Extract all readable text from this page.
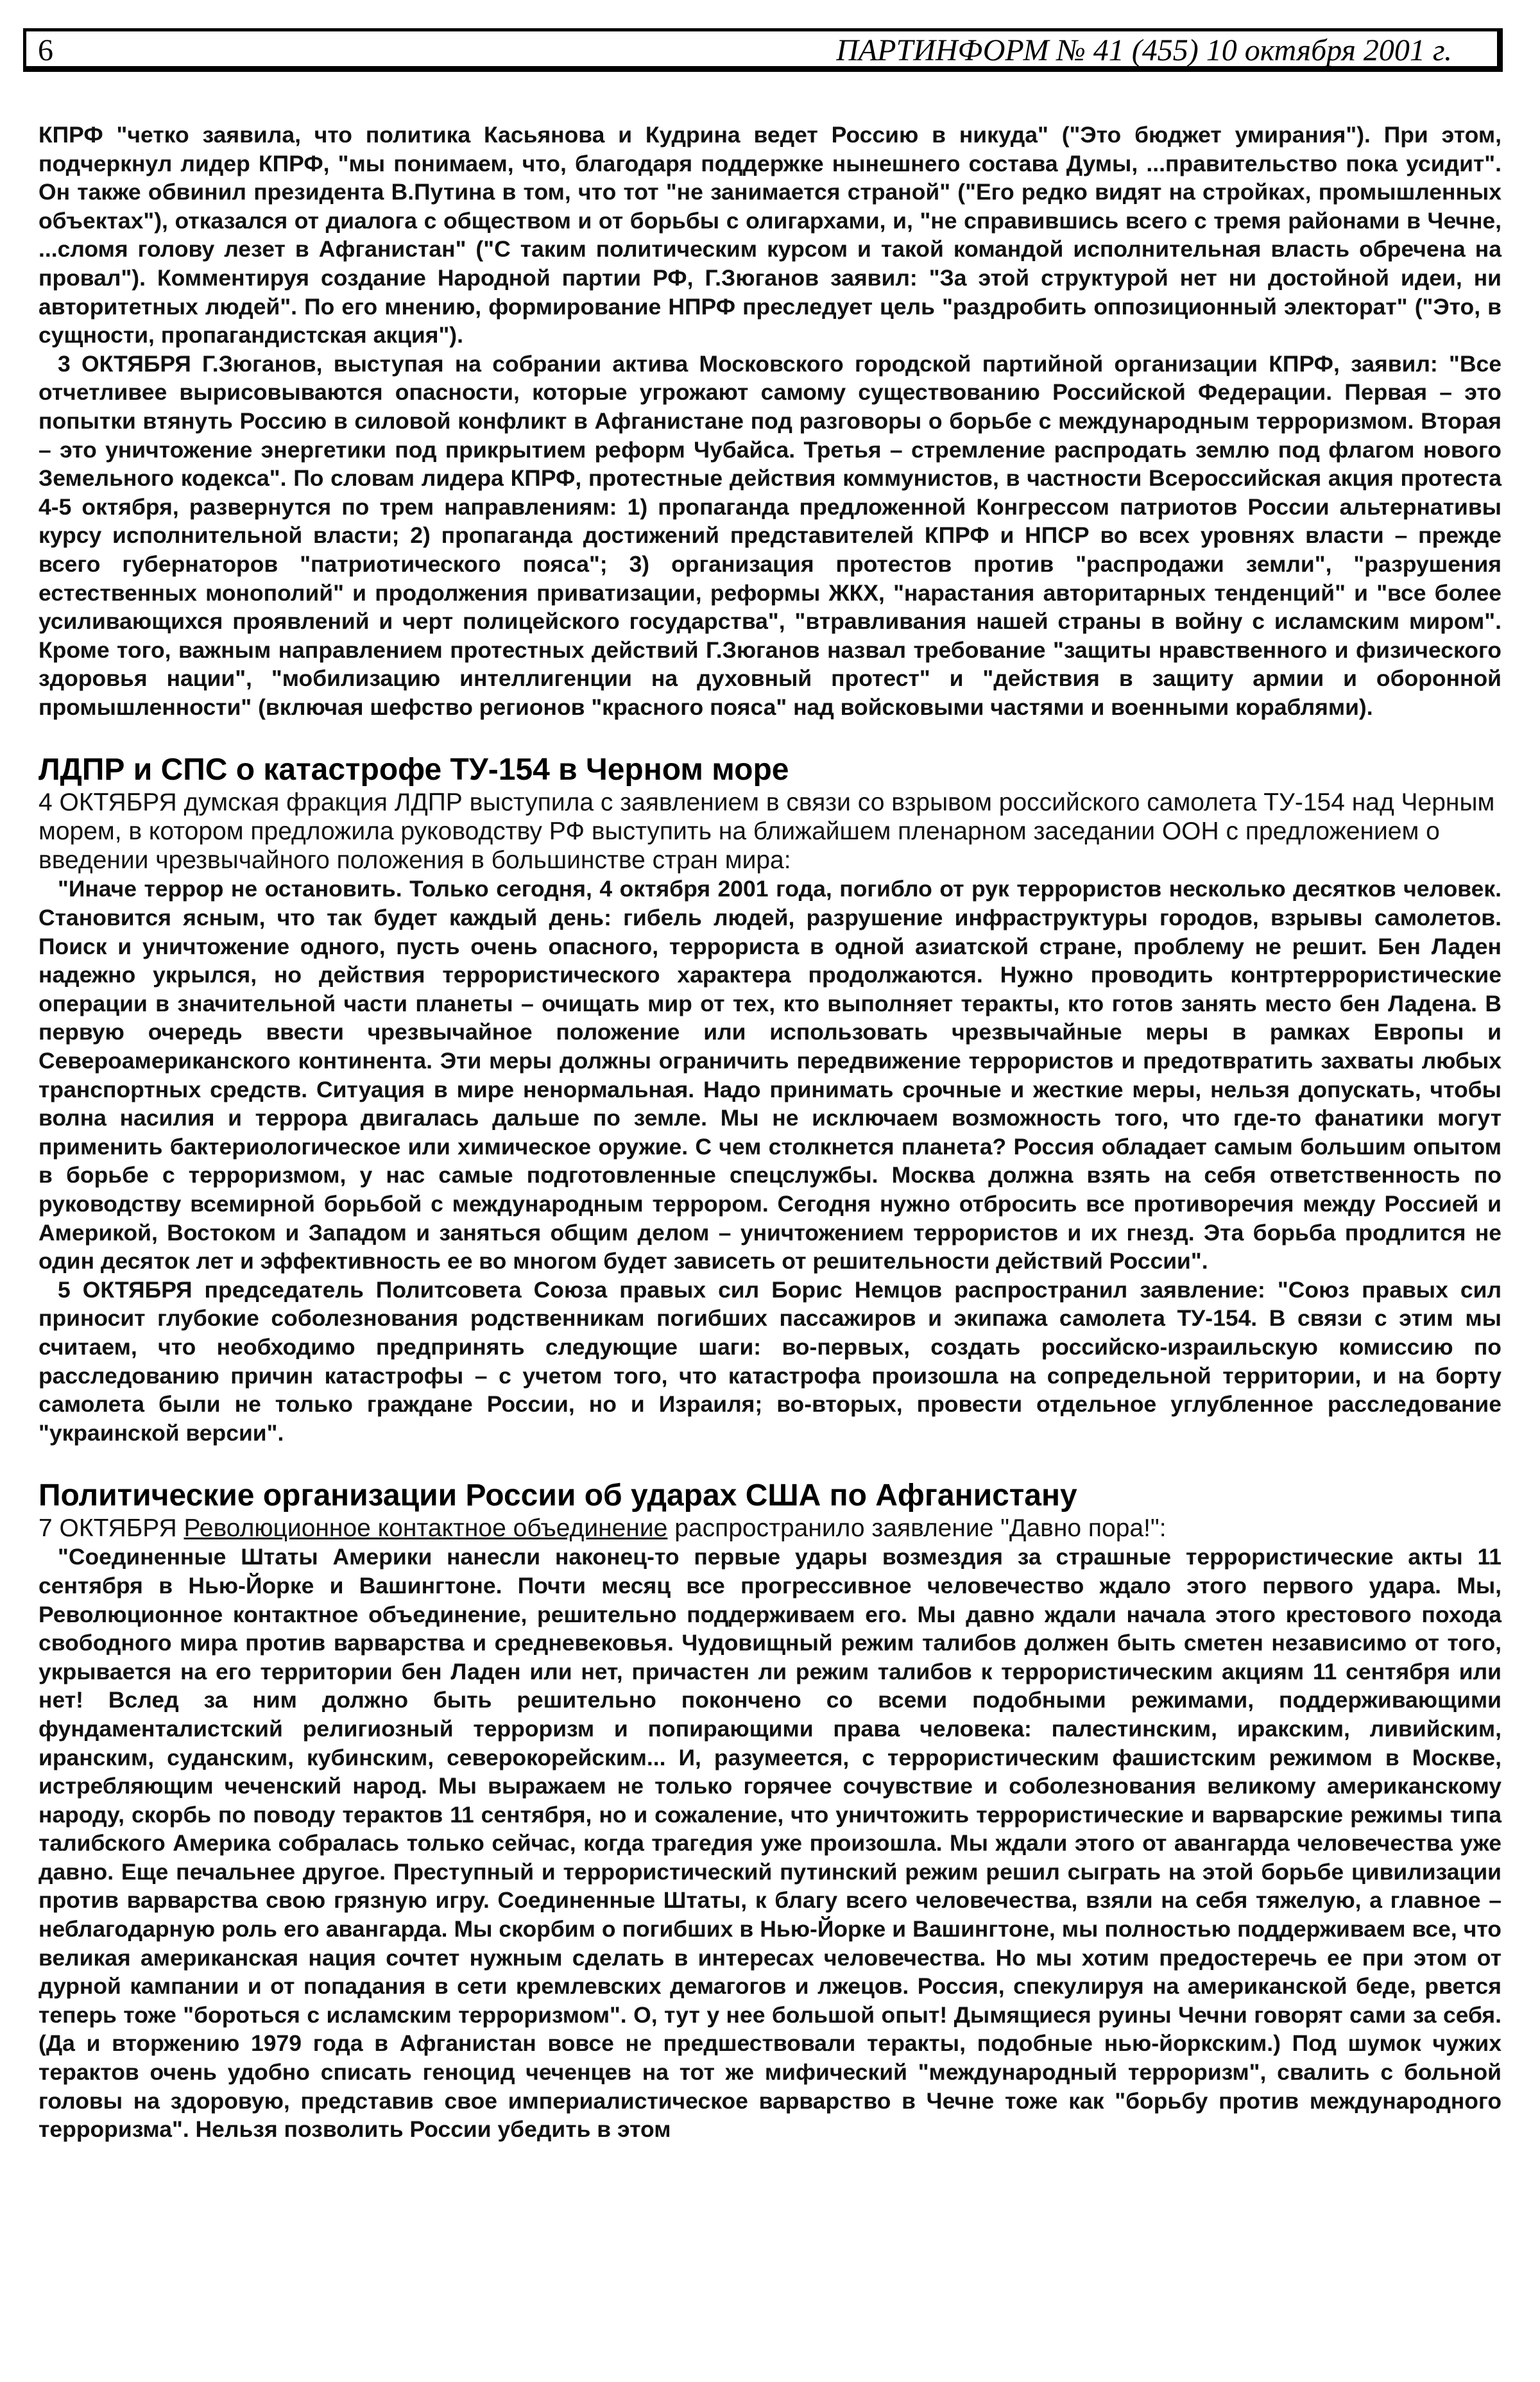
6	ПАРТИНФОРМ № 41 (455) 10 октября 2001 г.

КПРФ "четко заявила, что политика Касьянова и Кудрина ведет Россию в никуда" ("Это бюджет умирания"). При этом, подчеркнул лидер КПРФ, "мы понимаем, что, благодаря поддержке нынешнего состава Думы, ...правительство пока усидит". Он также обвинил президента В.Путина в том, что тот "не занимается страной" ("Его редко видят на стройках, промышленных объектах"), отказался от диалога с обществом и от борьбы с олигархами, и, "не справившись всего с тремя районами в Чечне, ...сломя голову лезет в Афганистан" ("С таким политическим курсом и такой командой исполнительная власть обречена на провал"). Комментируя создание Народной партии РФ, Г.Зюганов заявил: "За этой структурой нет ни достойной идеи, ни авторитетных людей". По его мнению, формирование НПРФ преследует цель "раздробить оппозиционный электорат" ("Это, в сущности, пропагандистская акция").

3 ОКТЯБРЯ Г.Зюганов, выступая на собрании актива Московского городской партийной организации КПРФ, заявил: "Все отчетливее вырисовываются опасности, которые угрожают самому существованию Российской Федерации. Первая – это попытки втянуть Россию в силовой конфликт в Афганистане под разговоры о борьбе с международным терроризмом. Вторая – это уничтожение энергетики под прикрытием реформ Чубайса. Третья – стремление распродать землю под флагом нового Земельного кодекса". По словам лидера КПРФ, протестные действия коммунистов, в частности Всероссийская акция протеста 4-5 октября, развернутся по трем направлениям: 1) пропаганда предложенной Конгрессом патриотов России альтернативы курсу исполнительной власти; 2) пропаганда достижений представителей КПРФ и НПСР во всех уровнях власти – прежде всего губернаторов "патриотического пояса"; 3) организация протестов против "распродажи земли", "разрушения естественных монополий" и продолжения приватизации, реформы ЖКХ, "нарастания авторитарных тенденций" и "все более усиливающихся проявлений и черт полицейского государства", "втравливания нашей страны в войну с исламским миром". Кроме того, важным направлением протестных действий Г.Зюганов назвал требование "защиты нравственного и физического здоровья нации", "мобилизацию интеллигенции на духовный протест" и "действия в защиту армии и оборонной промышленности" (включая шефство регионов "красного пояса" над войсковыми частями и военными кораблями).

ЛДПР и СПС о катастрофе ТУ-154 в Черном море

4 ОКТЯБРЯ думская фракция ЛДПР выступила с заявлением в связи со взрывом российского самолета ТУ-154 над Черным морем, в котором предложила руководству РФ выступить на ближайшем пленарном заседании ООН с предложением о введении чрезвычайного положения в большинстве стран мира:

"Иначе террор не остановить. Только сегодня, 4 октября 2001 года, погибло от рук террористов несколько десятков человек. Становится ясным, что так будет каждый день: гибель людей, разрушение инфраструктуры городов, взрывы самолетов. Поиск и уничтожение одного, пусть очень опасного, террориста в одной азиатской стране, проблему не решит. Бен Ладен надежно укрылся, но действия террористического характера продолжаются. Нужно проводить контртеррористические операции в значительной части планеты – очищать мир от тех, кто выполняет теракты, кто готов занять место бен Ладена. В первую очередь ввести чрезвычайное положение или использовать чрезвычайные меры в рамках Европы и Североамериканского континента. Эти меры должны ограничить передвижение террористов и предотвратить захваты любых транспортных средств. Ситуация в мире ненормальная. Надо принимать срочные и жесткие меры, нельзя допускать, чтобы волна насилия и террора двигалась дальше по земле. Мы не исключаем возможность того, что где-то фанатики могут применить бактериологическое или химическое оружие. С чем столкнется планета? Россия обладает самым большим опытом в борьбе с терроризмом, у нас самые подготовленные спецслужбы. Москва должна взять на себя ответственность по руководству всемирной борьбой с международным террором. Сегодня нужно отбросить все противоречия между Россией и Америкой, Востоком и Западом и заняться общим делом – уничтожением террористов и их гнезд. Эта борьба продлится не один десяток лет и эффективность ее во многом будет зависеть от решительности действий России".

5 ОКТЯБРЯ председатель Политсовета Союза правых сил Борис Немцов распространил заявление: "Союз правых сил приносит глубокие соболезнования родственникам погибших пассажиров и экипажа самолета ТУ-154. В связи с этим мы считаем, что необходимо предпринять следующие шаги: во-первых, создать российско-израильскую комиссию по расследованию причин катастрофы – с учетом того, что катастрофа произошла на сопредельной территории, и на борту самолета были не только граждане России, но и Израиля; во-вторых, провести отдельное углубленное расследование "украинской версии".

Политические организации России об ударах США по Афганистану

7 ОКТЯБРЯ Революционное контактное объединение распространило заявление "Давно пора!":

"Соединенные Штаты Америки нанесли наконец-то первые удары возмездия за страшные террористические акты 11 сентября в Нью-Йорке и Вашингтоне. Почти месяц все прогрессивное человечество ждало этого первого удара. Мы, Революционное контактное объединение, решительно поддерживаем его. Мы давно ждали начала этого крестового похода свободного мира против варварства и средневековья. Чудовищный режим талибов должен быть сметен независимо от того, укрывается на его территории бен Ладен или нет, причастен ли режим талибов к террористическим акциям 11 сентября или нет! Вслед за ним должно быть решительно покончено со всеми подобными режимами, поддерживающими фундаменталистский религиозный терроризм и попирающими права человека: палестинским, иракским, ливийским, иранским, суданским, кубинским, северокорейским... И, разумеется, с террористическим фашистским режимом в Москве, истребляющим чеченский народ. Мы выражаем не только горячее сочувствие и соболезнования великому американскому народу, скорбь по поводу терактов 11 сентября, но и сожаление, что уничтожить террористические и варварские режимы типа талибского Америка собралась только сейчас, когда трагедия уже произошла. Мы ждали этого от авангарда человечества уже давно. Еще печальнее другое. Преступный и террористический путинский режим решил сыграть на этой борьбе цивилизации против варварства свою грязную игру. Соединенные Штаты, к благу всего человечества, взяли на себя тяжелую, а главное – неблагодарную роль его авангарда. Мы скорбим о погибших в Нью-Йорке и Вашингтоне, мы полностью поддерживаем все, что великая американская нация сочтет нужным сделать в интересах человечества. Но мы хотим предостеречь ее при этом от дурной кампании и от попадания в сети кремлевских демагогов и лжецов. Россия, спекулируя на американской беде, рвется теперь тоже "бороться с исламским терроризмом". О, тут у нее большой опыт! Дымящиеся руины Чечни говорят сами за себя. (Да и вторжению 1979 года в Афганистан вовсе не предшествовали теракты, подобные нью-йоркским.) Под шумок чужих терактов очень удобно списать геноцид чеченцев на тот же мифический "международный терроризм", свалить с больной головы на здоровую, представив свое империалистическое варварство в Чечне тоже как "борьбу против международного терроризма". Нельзя позволить России убедить в этом
